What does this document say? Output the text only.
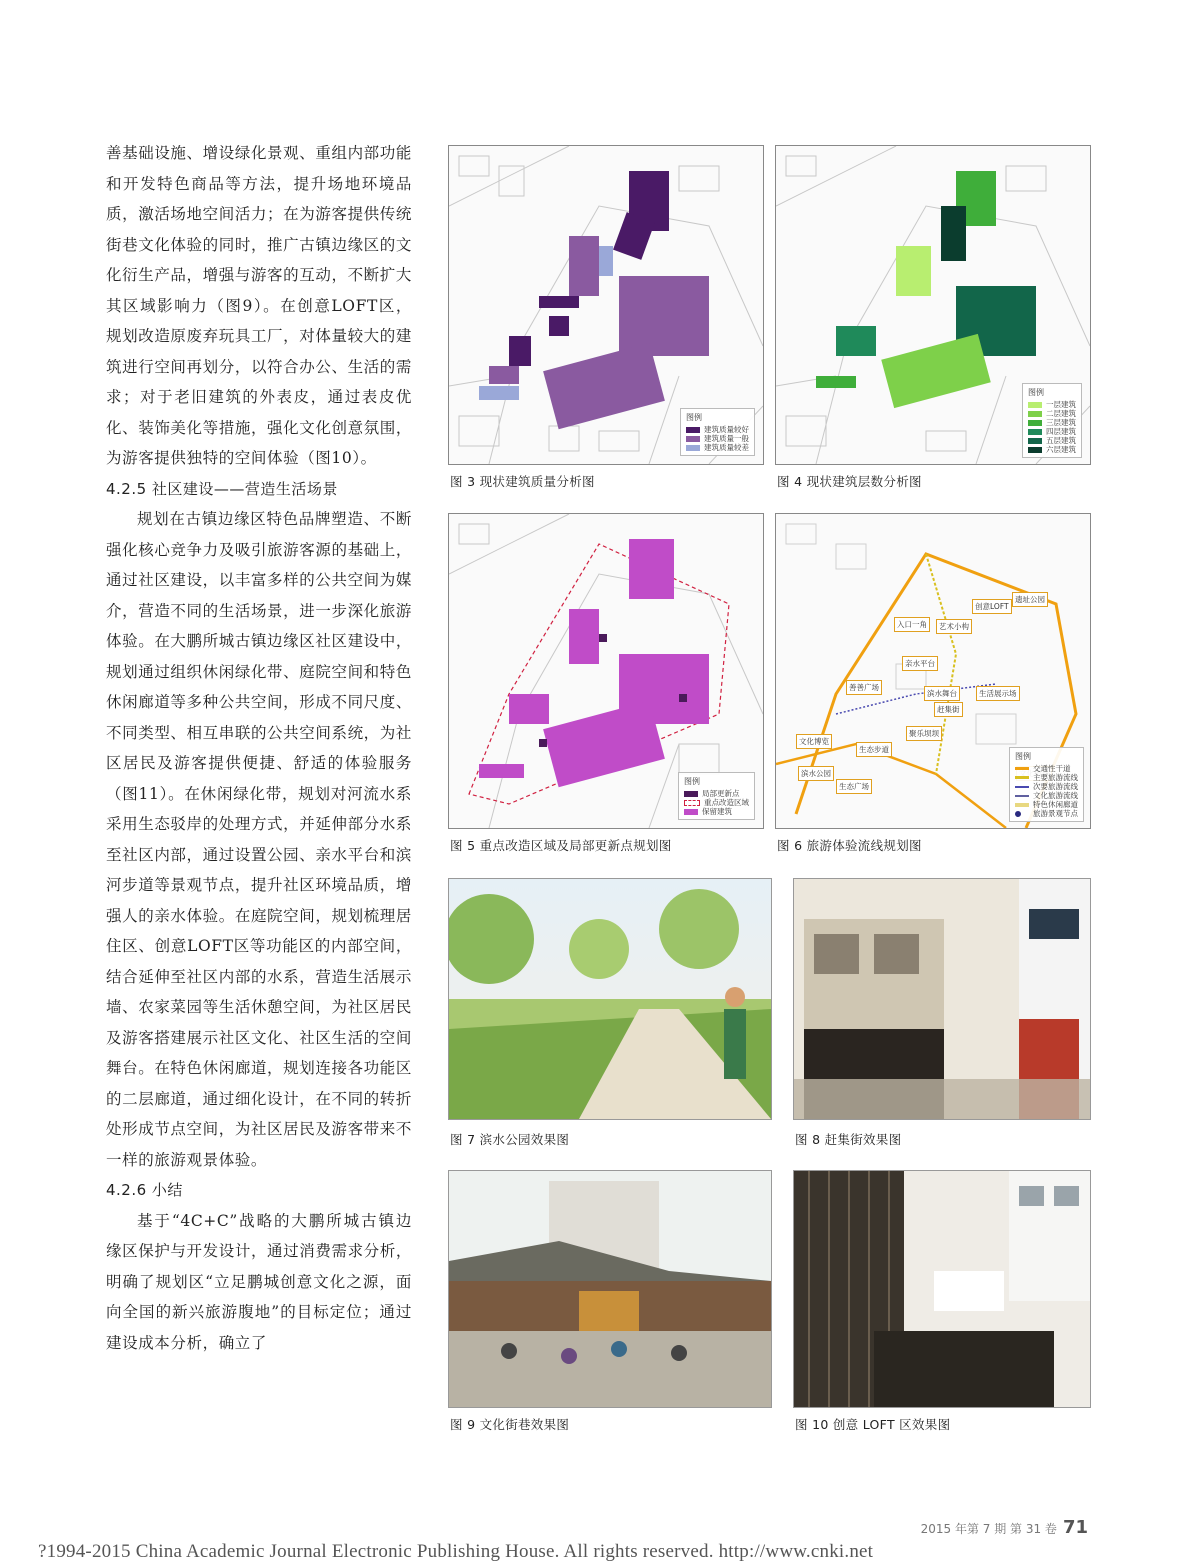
善基础设施、增设绿化景观、重组内部功能和开发特色商品等方法，提升场地环境品质，激活场地空间活力；在为游客提供传统街巷文化体验的同时，推广古镇边缘区的文化衍生产品，增强与游客的互动，不断扩大其区域影响力（图9）。在创意LOFT区，规划改造原废弃玩具工厂，对体量较大的建筑进行空间再划分，以符合办公、生活的需求；对于老旧建筑的外表皮，通过表皮优化、装饰美化等措施，强化文化创意氛围，为游客提供独特的空间体验（图10）。

4.2.5 社区建设——营造生活场景

规划在古镇边缘区特色品牌塑造、不断强化核心竞争力及吸引旅游客源的基础上，通过社区建设，以丰富多样的公共空间为媒介，营造不同的生活场景，进一步深化旅游体验。在大鹏所城古镇边缘区社区建设中，规划通过组织休闲绿化带、庭院空间和特色休闲廊道等多种公共空间，形成不同尺度、不同类型、相互串联的公共空间系统，为社区居民及游客提供便捷、舒适的体验服务（图11）。在休闲绿化带，规划对河流水系采用生态驳岸的处理方式，并延伸部分水系至社区内部，通过设置公园、亲水平台和滨河步道等景观节点，提升社区环境品质，增强人的亲水体验。在庭院空间，规划梳理居住区、创意LOFT区等功能区的内部空间，结合延伸至社区内部的水系，营造生活展示墙、农家菜园等生活休憩空间，为社区居民及游客搭建展示社区文化、社区生活的空间舞台。在特色休闲廊道，规划连接各功能区的二层廊道，通过细化设计，在不同的转折处形成节点空间，为社区居民及游客带来不一样的旅游观景体验。

4.2.6 小结

基于“4C+C”战略的大鹏所城古镇边缘区保护与开发设计，通过消费需求分析，明确了规划区“立足鹏城创意文化之源，面向全国的新兴旅游腹地”的目标定位；通过建设成本分析，确立了

图例
建筑质量较好
建筑质量一般
建筑质量较差
图 3 现状建筑质量分析图
图例
一层建筑
二层建筑
三层建筑
四层建筑
五层建筑
六层建筑
图 4 现状建筑层数分析图
图例
局部更新点
重点改造区域
保留建筑
图 5 重点改造区域及局部更新点规划图
创意LOFT
遗址公园
入口一角	艺术小构
亲水平台
善善广场
滨水舞台	生活展示场
赶集街
聚乐坝坝
文化博览
生态步道
滨水公园
生态广场
图例
交通性干道
主要旅游流线
次要旅游流线
文化旅游流线
特色休闲廊道
旅游景观节点
图 6 旅游体验流线规划图
图 7 滨水公园效果图	图 8 赶集街效果图
图 9 文化街巷效果图	图 10 创意 LOFT 区效果图
2015 年第 7 期 第 31 卷 71
?1994-2015 China Academic Journal Electronic Publishing House. All rights reserved. http://www.cnki.net
